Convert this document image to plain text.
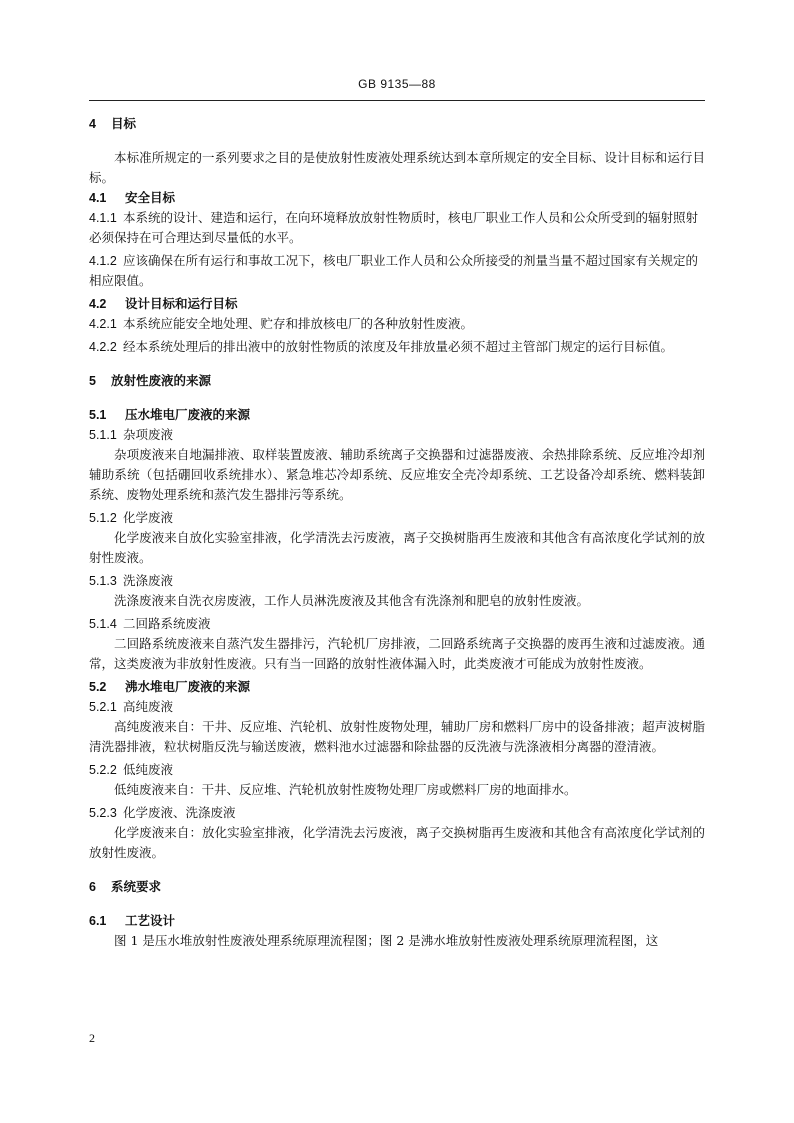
GB 9135—88

4 目标

本标准所规定的一系列要求之目的是使放射性废液处理系统达到本章所规定的安全目标、设计目标和运行目标。

4.1 安全目标

4.1.1 本系统的设计、建造和运行，在向环境释放放射性物质时，核电厂职业工作人员和公众所受到的辐射照射必须保持在可合理达到尽量低的水平。

4.1.2 应该确保在所有运行和事故工况下，核电厂职业工作人员和公众所接受的剂量当量不超过国家有关规定的相应限值。

4.2 设计目标和运行目标

4.2.1 本系统应能安全地处理、贮存和排放核电厂的各种放射性废液。

4.2.2 经本系统处理后的排出液中的放射性物质的浓度及年排放量必须不超过主管部门规定的运行目标值。

5 放射性废液的来源

5.1 压水堆电厂废液的来源

5.1.1 杂项废液

杂项废液来自地漏排液、取样装置废液、辅助系统离子交换器和过滤器废液、余热排除系统、反应堆冷却剂辅助系统（包括硼回收系统排水）、紧急堆芯冷却系统、反应堆安全壳冷却系统、工艺设备冷却系统、燃料装卸系统、废物处理系统和蒸汽发生器排污等系统。

5.1.2 化学废液

化学废液来自放化实验室排液，化学清洗去污废液，离子交换树脂再生废液和其他含有高浓度化学试剂的放射性废液。

5.1.3 洗涤废液

洗涤废液来自洗衣房废液，工作人员淋洗废液及其他含有洗涤剂和肥皂的放射性废液。

5.1.4 二回路系统废液

二回路系统废液来自蒸汽发生器排污，汽轮机厂房排液，二回路系统离子交换器的废再生液和过滤废液。通常，这类废液为非放射性废液。只有当一回路的放射性液体漏入时，此类废液才可能成为放射性废液。

5.2 沸水堆电厂废液的来源

5.2.1 高纯废液

高纯废液来自：干井、反应堆、汽轮机、放射性废物处理，辅助厂房和燃料厂房中的设备排液；超声波树脂清洗器排液，粒状树脂反洗与输送废液，燃料池水过滤器和除盐器的反洗液与洗涤液相分离器的澄清液。

5.2.2 低纯废液

低纯废液来自：干井、反应堆、汽轮机放射性废物处理厂房或燃料厂房的地面排水。

5.2.3 化学废液、洗涤废液

化学废液来自：放化实验室排液，化学清洗去污废液，离子交换树脂再生废液和其他含有高浓度化学试剂的放射性废液。

6 系统要求

6.1 工艺设计

图 1 是压水堆放射性废液处理系统原理流程图；图 2 是沸水堆放射性废液处理系统原理流程图，这

2
